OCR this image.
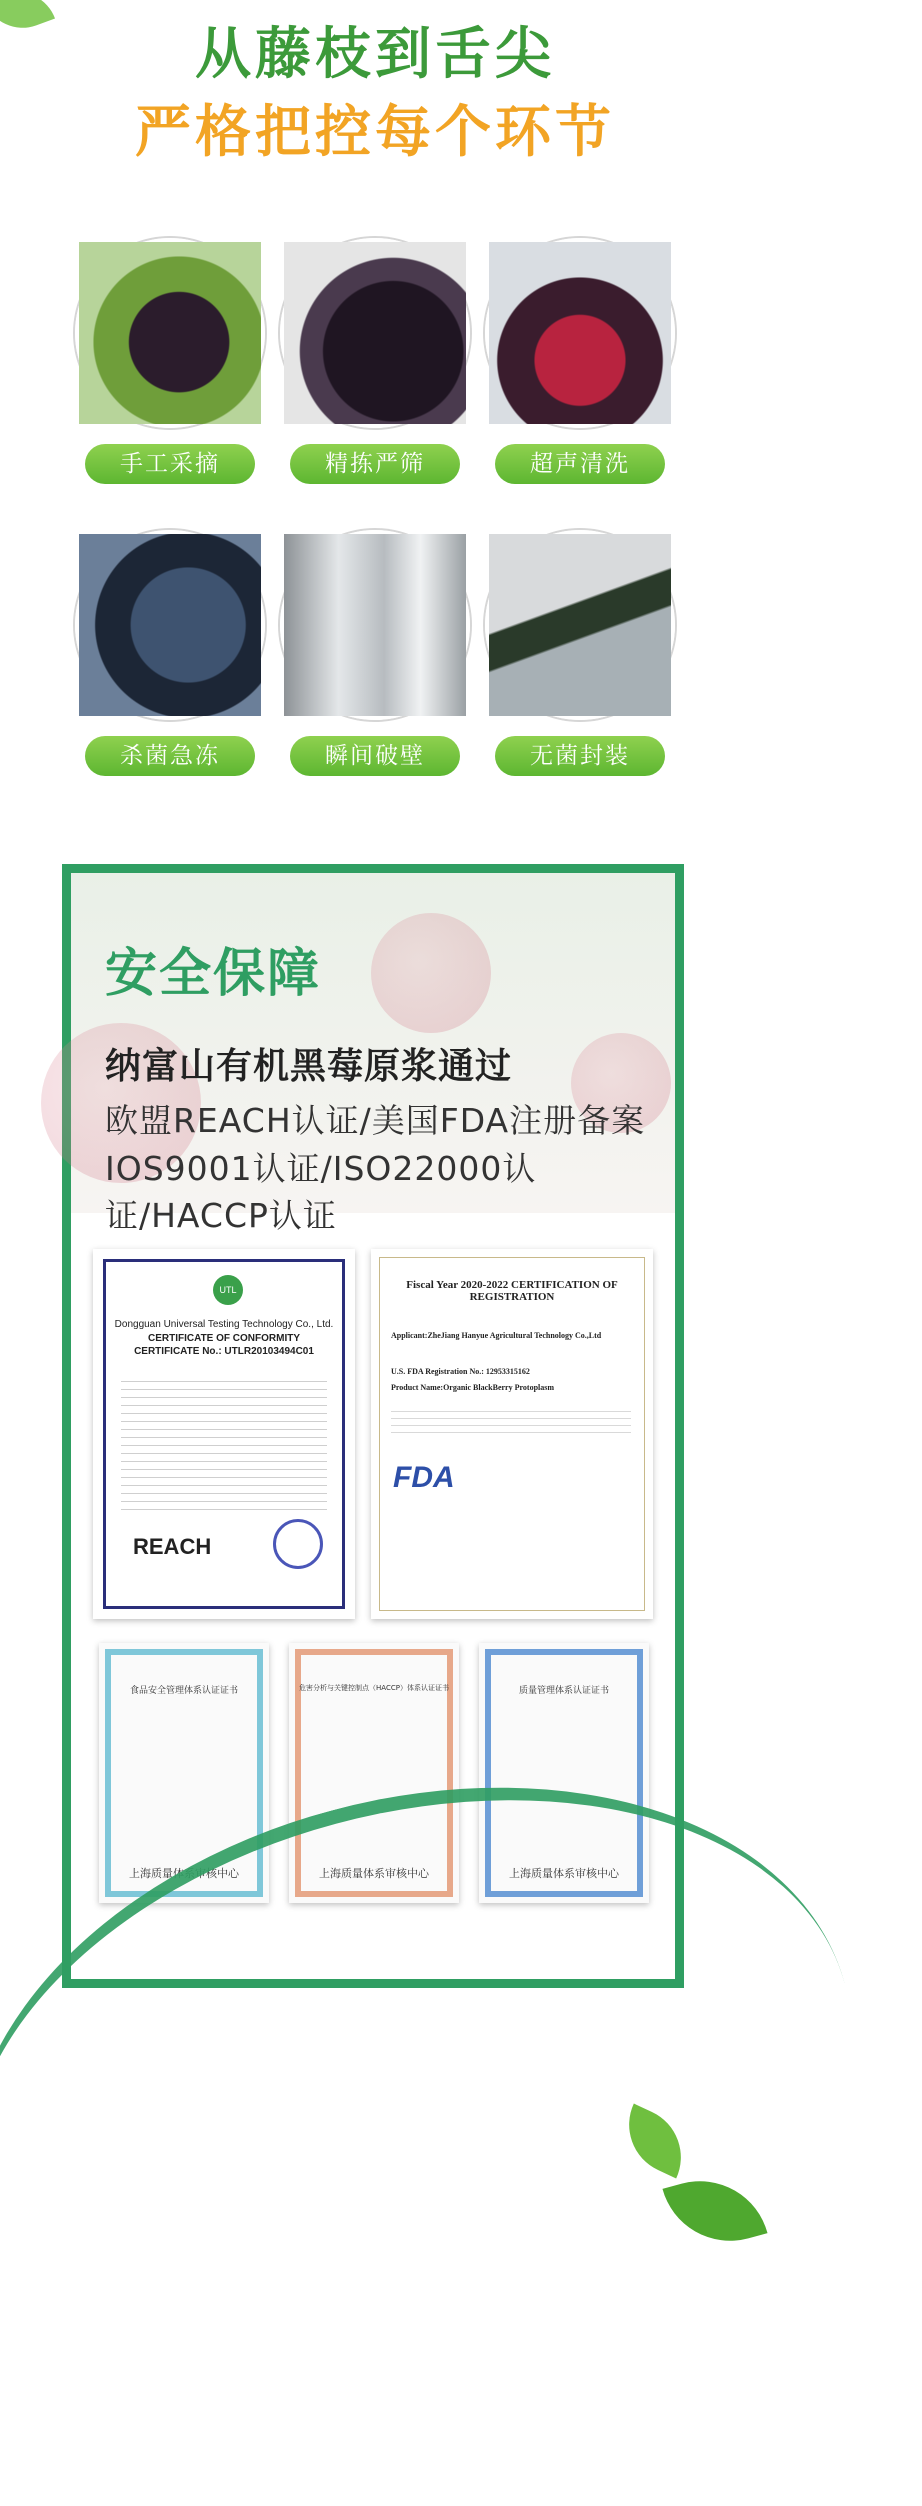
从藤枝到舌尖
严格把控每个环节
手工采摘	精拣严筛	超声清洗
杀菌急冻	瞬间破壁	无菌封装
安全保障
纳富山有机黑莓原浆通过
欧盟REACH认证/美国FDA注册备案
IOS9001认证/ISO22000认证/HACCP认证
UTL
Dongguan Universal Testing Technology Co., Ltd.
CERTIFICATE OF CONFORMITY
CERTIFICATE No.: UTLR20103494C01
REACH
Fiscal Year 2020-2022 CERTIFICATION OF REGISTRATION
Applicant:ZheJiang Hanyue Agricultural Technology Co.,Ltd
U.S. FDA Registration No.: 12953315162
Product Name:Organic BlackBerry Protoplasm
FDA
食品安全管理体系认证证书
上海质量体系审核中心
危害分析与关键控制点（HACCP）体系认证证书
上海质量体系审核中心
质量管理体系认证证书
上海质量体系审核中心
